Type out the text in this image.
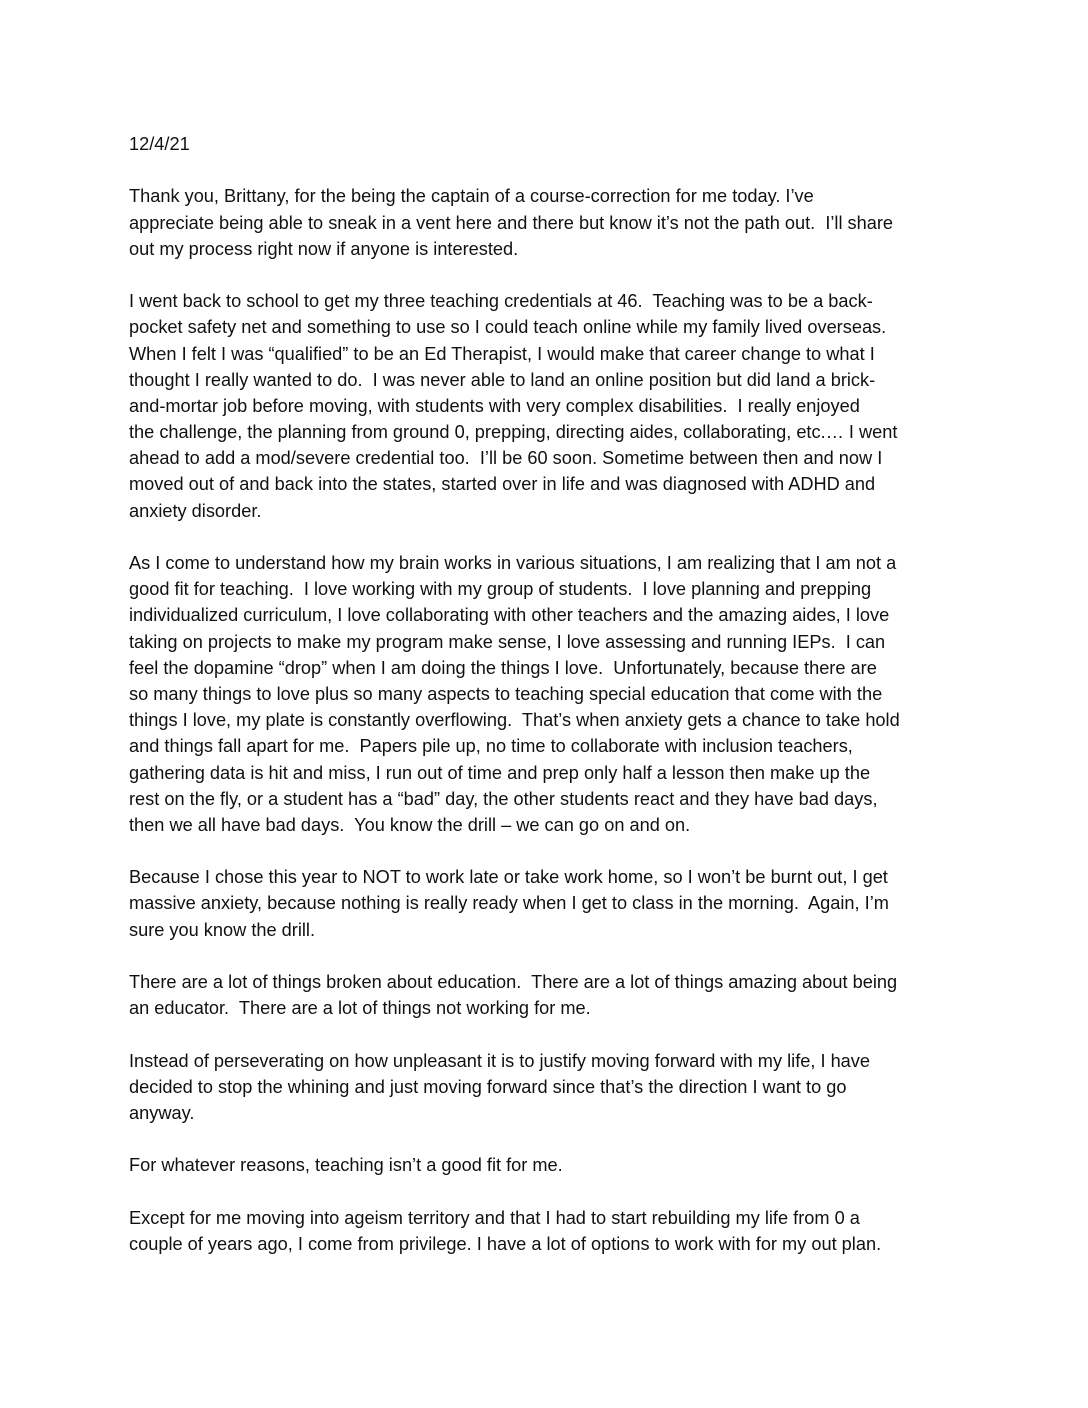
12/4/21
Thank you, Brittany, for the being the captain of a course-correction for me today. I’ve
appreciate being able to sneak in a vent here and there but know it’s not the path out.  I’ll share
out my process right now if anyone is interested.
I went back to school to get my three teaching credentials at 46.  Teaching was to be a back-
pocket safety net and something to use so I could teach online while my family lived overseas.
When I felt I was “qualified” to be an Ed Therapist, I would make that career change to what I
thought I really wanted to do.  I was never able to land an online position but did land a brick-
and-mortar job before moving, with students with very complex disabilities.  I really enjoyed
the challenge, the planning from ground 0, prepping, directing aides, collaborating, etc.… I went
ahead to add a mod/severe credential too.  I’ll be 60 soon. Sometime between then and now I
moved out of and back into the states, started over in life and was diagnosed with ADHD and
anxiety disorder.
As I come to understand how my brain works in various situations, I am realizing that I am not a
good fit for teaching.  I love working with my group of students.  I love planning and prepping
individualized curriculum, I love collaborating with other teachers and the amazing aides, I love
taking on projects to make my program make sense, I love assessing and running IEPs.  I can
feel the dopamine “drop” when I am doing the things I love.  Unfortunately, because there are
so many things to love plus so many aspects to teaching special education that come with the
things I love, my plate is constantly overflowing.  That’s when anxiety gets a chance to take hold
and things fall apart for me.  Papers pile up, no time to collaborate with inclusion teachers,
gathering data is hit and miss, I run out of time and prep only half a lesson then make up the
rest on the fly, or a student has a “bad” day, the other students react and they have bad days,
then we all have bad days.  You know the drill – we can go on and on.
Because I chose this year to NOT to work late or take work home, so I won’t be burnt out, I get
massive anxiety, because nothing is really ready when I get to class in the morning.  Again, I’m
sure you know the drill.
There are a lot of things broken about education.  There are a lot of things amazing about being
an educator.  There are a lot of things not working for me.
Instead of perseverating on how unpleasant it is to justify moving forward with my life, I have
decided to stop the whining and just moving forward since that’s the direction I want to go
anyway.
For whatever reasons, teaching isn’t a good fit for me.
Except for me moving into ageism territory and that I had to start rebuilding my life from 0 a
couple of years ago, I come from privilege. I have a lot of options to work with for my out plan.
